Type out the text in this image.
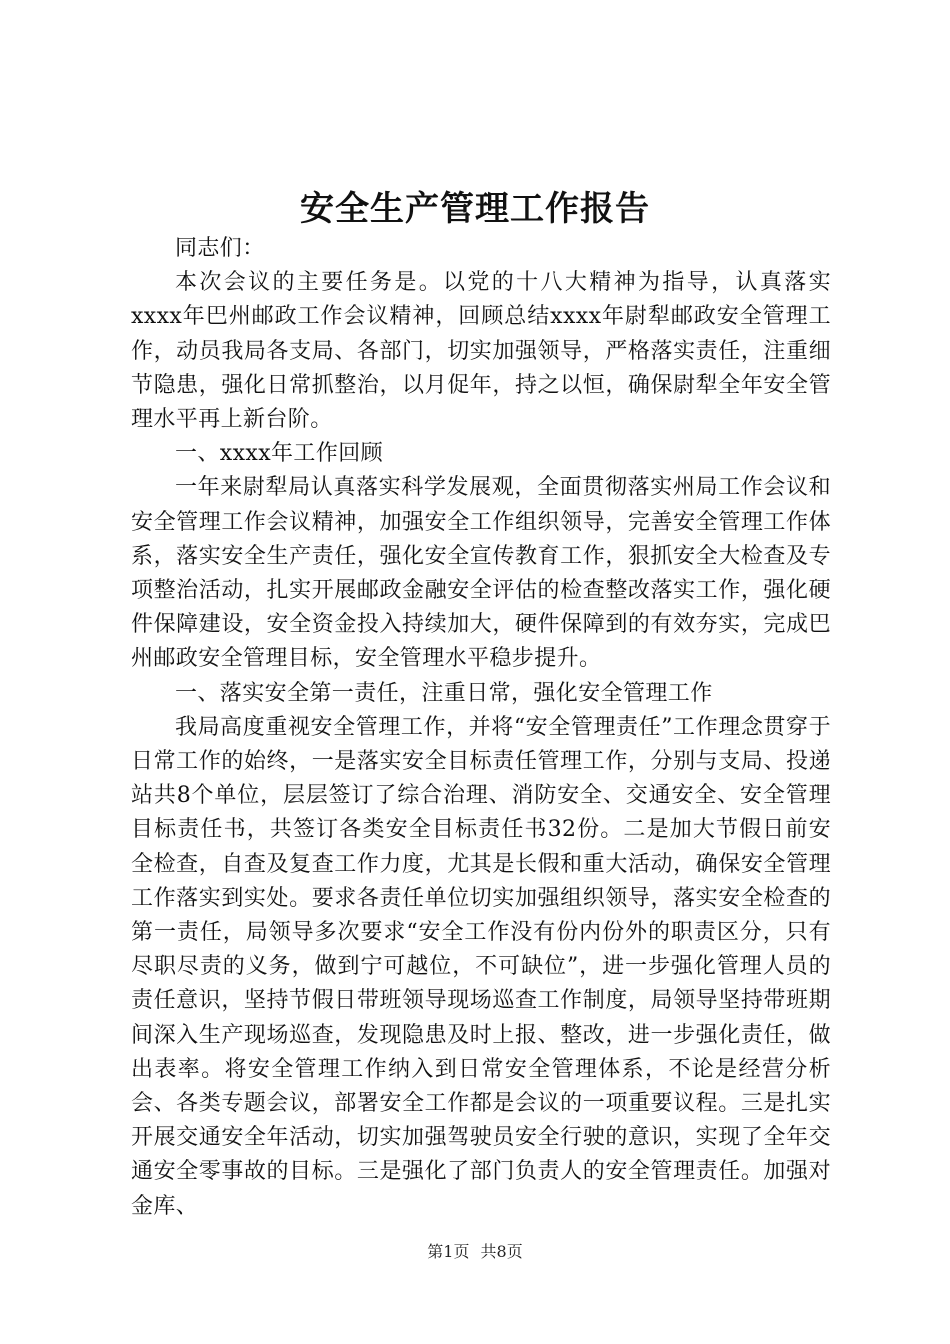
安全生产管理工作报告

同志们：

本次会议的主要任务是。以党的十八大精神为指导，认真落实xxxx年巴州邮政工作会议精神，回顾总结xxxx年尉犁邮政安全管理工作，动员我局各支局、各部门，切实加强领导，严格落实责任，注重细节隐患，强化日常抓整治，以月促年，持之以恒，确保尉犁全年安全管理水平再上新台阶。

一、xxxx年工作回顾

一年来尉犁局认真落实科学发展观，全面贯彻落实州局工作会议和安全管理工作会议精神，加强安全工作组织领导，完善安全管理工作体系，落实安全生产责任，强化安全宣传教育工作，狠抓安全大检查及专项整治活动，扎实开展邮政金融安全评估的检查整改落实工作，强化硬件保障建设，安全资金投入持续加大，硬件保障到的有效夯实，完成巴州邮政安全管理目标，安全管理水平稳步提升。

一、落实安全第一责任，注重日常，强化安全管理工作

我局高度重视安全管理工作，并将“安全管理责任”工作理念贯穿于日常工作的始终，一是落实安全目标责任管理工作，分别与支局、投递站共8个单位，层层签订了综合治理、消防安全、交通安全、安全管理目标责任书，共签订各类安全目标责任书32份。二是加大节假日前安全检查，自查及复查工作力度，尤其是长假和重大活动，确保安全管理工作落实到实处。要求各责任单位切实加强组织领导，落实安全检查的第一责任，局领导多次要求“安全工作没有份内份外的职责区分，只有尽职尽责的义务，做到宁可越位，不可缺位”，进一步强化管理人员的责任意识，坚持节假日带班领导现场巡查工作制度，局领导坚持带班期间深入生产现场巡查，发现隐患及时上报、整改，进一步强化责任，做出表率。将安全管理工作纳入到日常安全管理体系，不论是经营分析会、各类专题会议，部署安全工作都是会议的一项重要议程。三是扎实开展交通安全年活动，切实加强驾驶员安全行驶的意识，实现了全年交通安全零事故的目标。三是强化了部门负责人的安全管理责任。加强对金库、

第1页 共8页
